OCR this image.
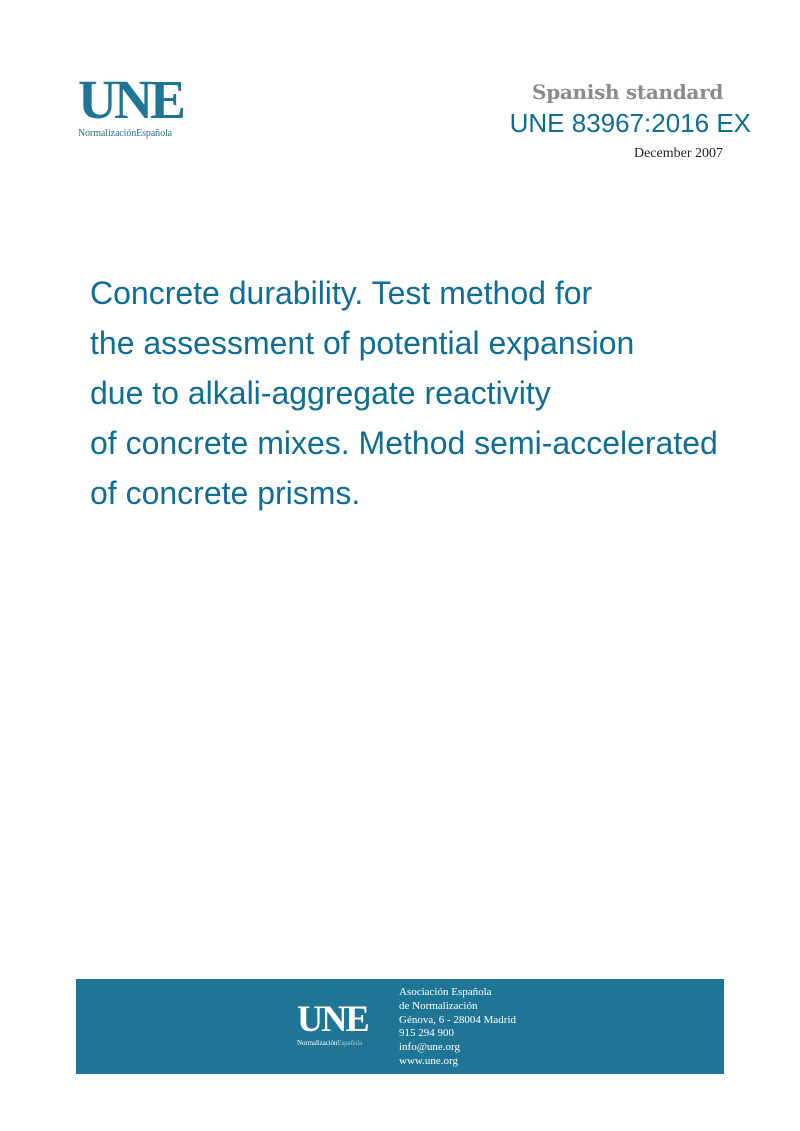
UNE
NormalizaciónEspañola
Spanish standard
UNE 83967:2016 EX
December 2007
Concrete durability. Test method for
the assessment of potential expansion
due to alkali-aggregate reactivity
of concrete mixes. Method semi-accelerated
of concrete prisms.
UNE
NormalizaciónEspañola
Asociación Española
de Normalización
Génova, 6 - 28004 Madrid
915 294 900
info@une.org
www.une.org
